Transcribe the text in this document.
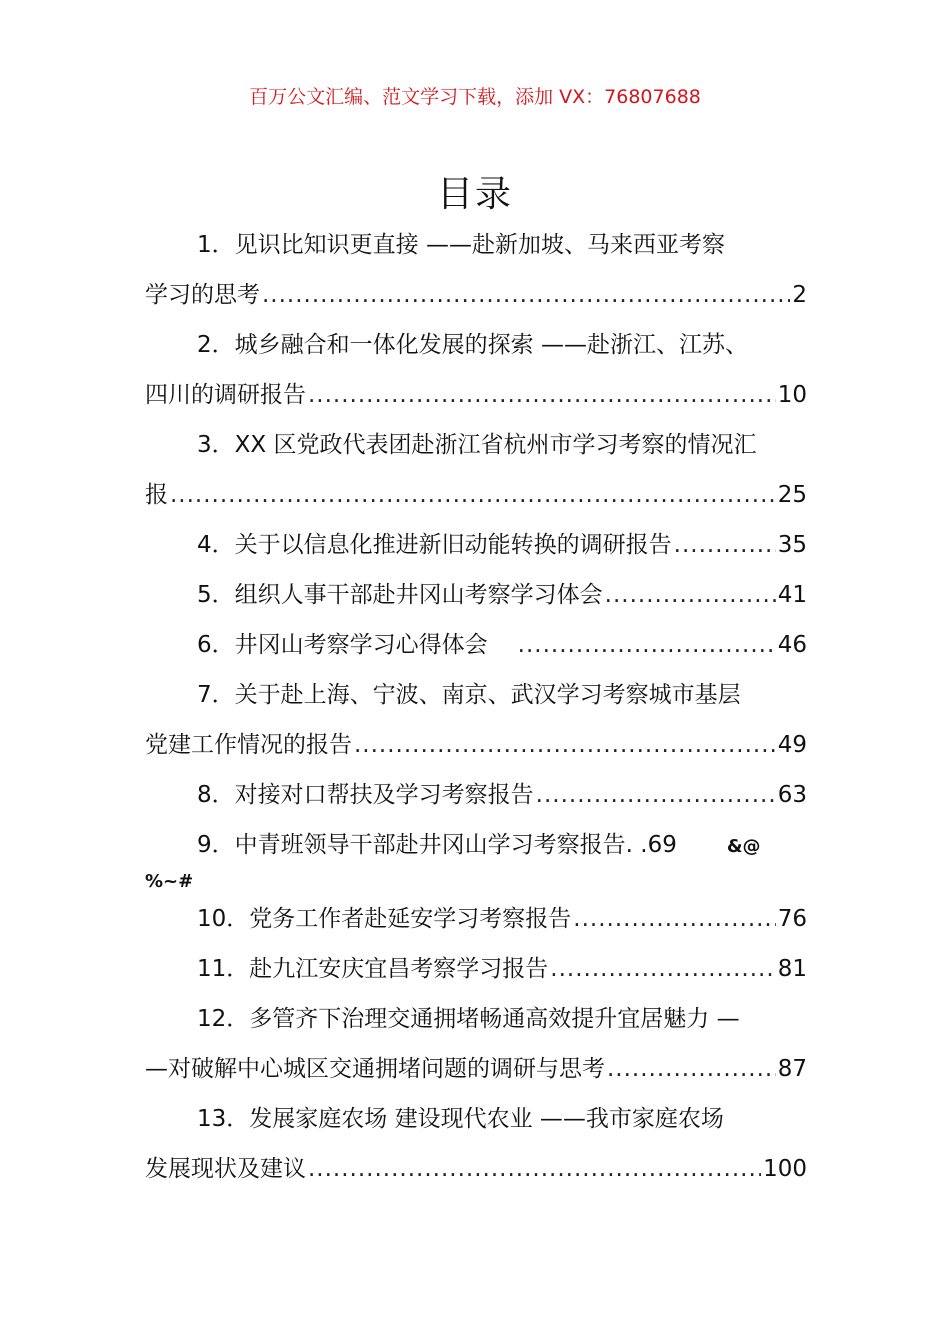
百万公文汇编、范文学习下载，添加 VX：76807688
目录
1．见识比知识更直接 ——赴新加坡、马来西亚考察
学习的思考 .....	2
2．城乡融合和一体化发展的探索 ——赴浙江、江苏、
四川的调研报告 .....	10
3．XX 区党政代表团赴浙江省杭州市学习考察的情况汇
报 .....	25
4．关于以信息化推进新旧动能转换的调研报告 .....	35
5．组织人事干部赴井冈山考察学习体会 .....	41
6．井冈山考察学习心得体会 .....	46
7．关于赴上海、宁波、南京、武汉学习考察城市基层
党建工作情况的报告 .....	49
8．对接对口帮扶及学习考察报告 .....	63
9．中青班领导干部赴井冈山学习考察报告. .69	&@
%~#
10．党务工作者赴延安学习考察报告 .....	76
11．赴九江安庆宜昌考察学习报告 .....	81
12．多管齐下治理交通拥堵畅通高效提升宜居魅力 —
—对破解中心城区交通拥堵问题的调研与思考 .....	87
13．发展家庭农场 建设现代农业 ——我市家庭农场
发展现状及建议 .....	100
